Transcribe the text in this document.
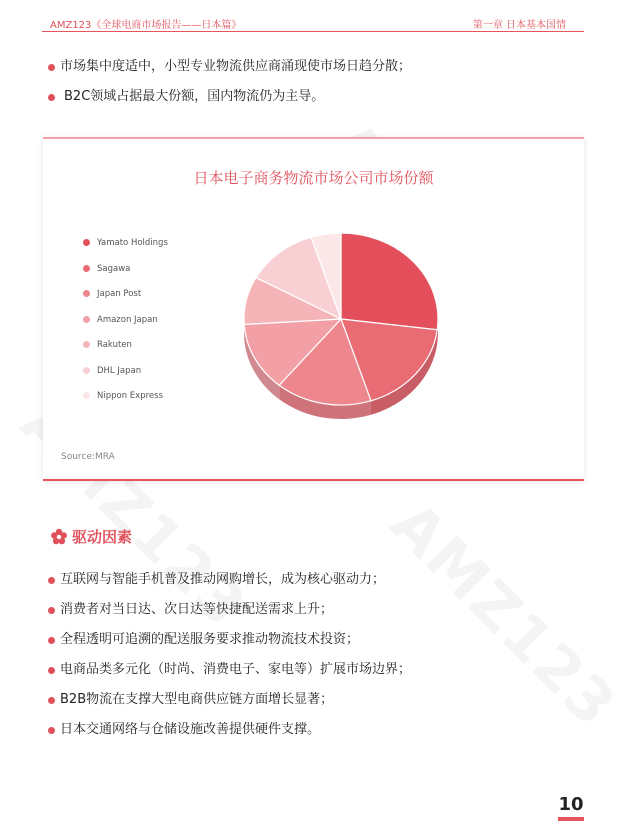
AMZ123《全球电商市场报告——日本篇》	第一章 日本基本国情
市场集中度适中，小型专业物流供应商涌现使市场日趋分散；
B2C领域占据最大份额，国内物流仍为主导。
日本电子商务物流市场公司市场份额
Yamato Holdings
Sagawa
Japan Post
Amazon Japan
Rakuten
DHL Japan
Nippon Express
Source:MRA
驱动因素
互联网与智能手机普及推动网购增长，成为核心驱动力；
消费者对当日达、次日达等快捷配送需求上升；
全程透明可追溯的配送服务要求推动物流技术投资；
电商品类多元化（时尚、消费电子、家电等）扩展市场边界；
B2B物流在支撑大型电商供应链方面增长显著；
日本交通网络与仓储设施改善提供硬件支撑。
10
